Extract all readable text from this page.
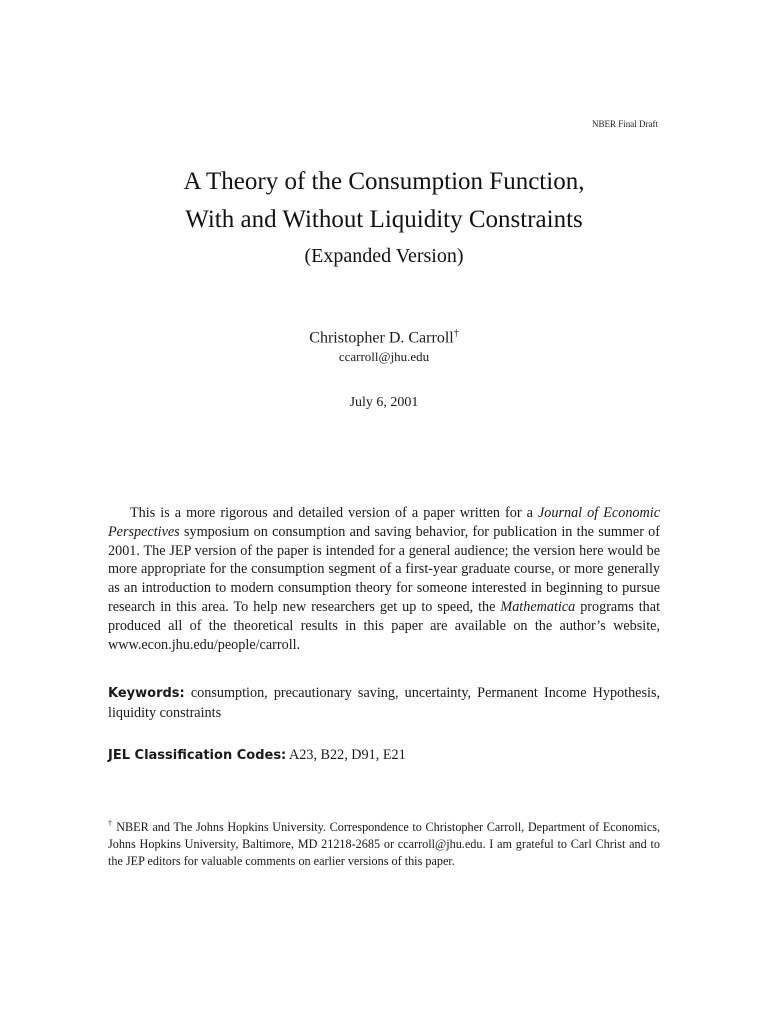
NBER Final Draft
A Theory of the Consumption Function,
With and Without Liquidity Constraints
(Expanded Version)
Christopher D. Carroll†
ccarroll@jhu.edu
July 6, 2001

This is a more rigorous and detailed version of a paper written for a Journal of Economic Perspectives symposium on consumption and saving behavior, for publication in the summer of 2001. The JEP version of the paper is intended for a general audience; the version here would be more appropriate for the consumption segment of a first-year graduate course, or more generally as an introduction to modern consumption theory for someone interested in beginning to pursue research in this area. To help new researchers get up to speed, the Mathematica programs that produced all of the theoretical results in this paper are available on the author’s website, www.econ.jhu.edu/people/carroll.

Keywords: consumption, precautionary saving, uncertainty, Permanent Income Hypothesis, liquidity constraints
JEL Classification Codes: A23, B22, D91, E21
† NBER and The Johns Hopkins University. Correspondence to Christopher Carroll, Department of Economics, Johns Hopkins University, Baltimore, MD 21218-2685 or ccarroll@jhu.edu. I am grateful to Carl Christ and to the JEP editors for valuable comments on earlier versions of this paper.
